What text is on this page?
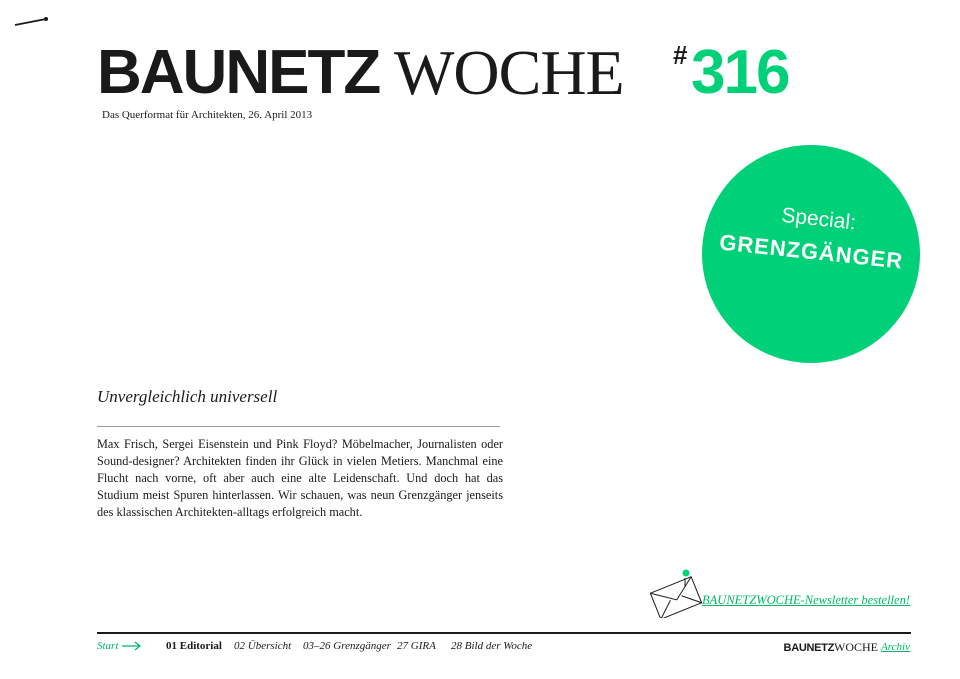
BAUNETZ WOCHE # 316
Das Querformat für Architekten, 26. April 2013
Special:
GRENZGÄNGER
Unvergleichlich universell
Max Frisch, Sergei Eisenstein und Pink Floyd? Möbelmacher, Journalisten oder Sound-designer? Architekten finden ihr Glück in vielen Metiers. Manchmal eine Flucht nach vorne, oft aber auch eine alte Leidenschaft. Und doch hat das Studium meist Spuren hinterlassen. Wir schauen, was neun Grenzgänger jenseits des klassischen Architekten-alltags erfolgreich macht.
BAUNETZWOCHE-Newsletter bestellen!
Start	01 Editorial 02 Übersicht 03–26 Grenzgänger 27 GIRA 28 Bild der Woche	BAUNETZWOCHE Archiv
